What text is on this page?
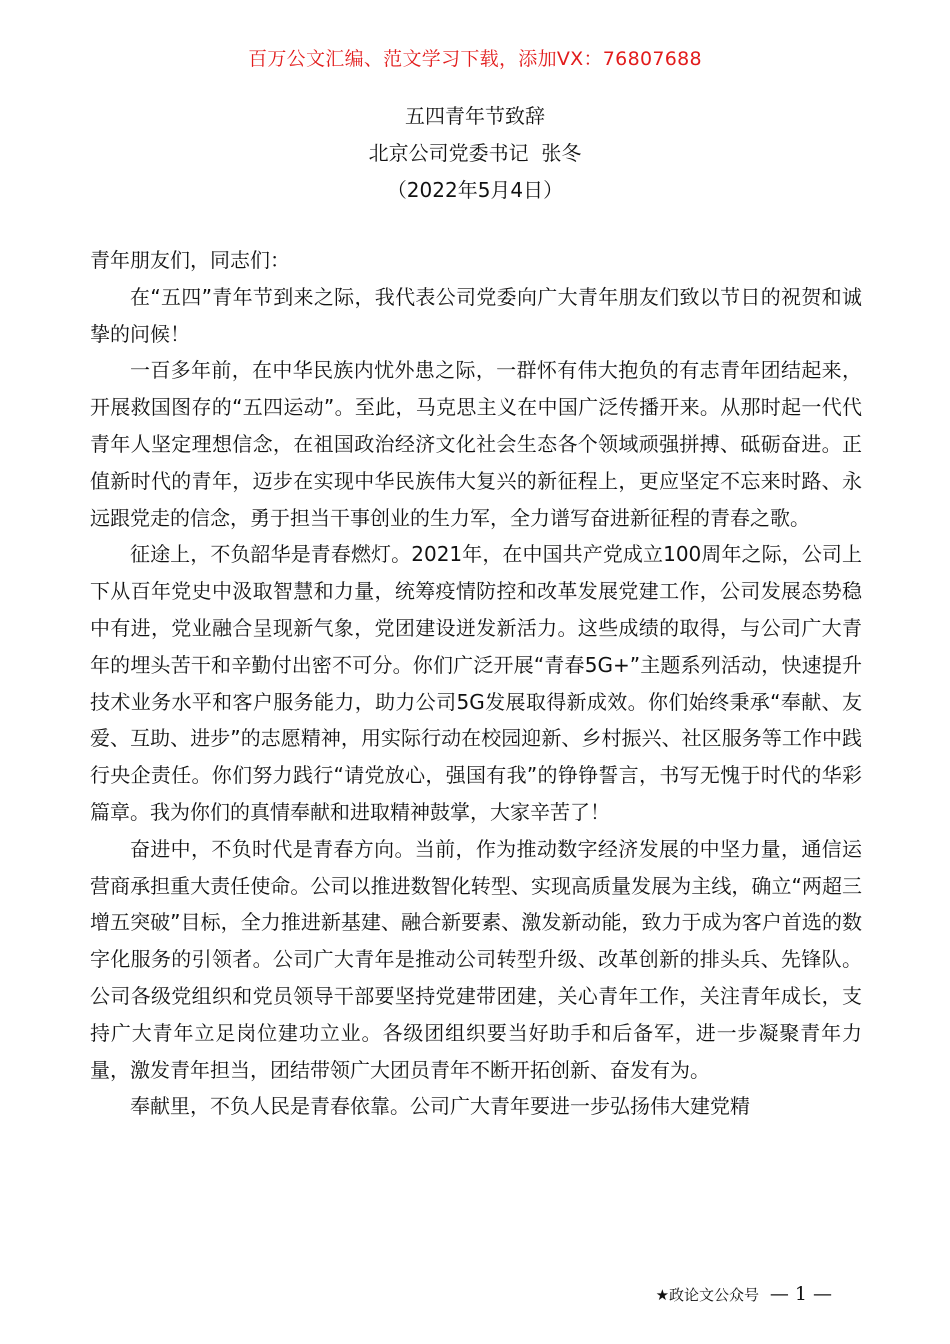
百万公文汇编、范文学习下载，添加VX：76807688
五四青年节致辞
北京公司党委书记  张冬
（2022年5月4日）

青年朋友们，同志们：

在“五四”青年节到来之际，我代表公司党委向广大青年朋友们致以节日的祝贺和诚挚的问候！

一百多年前，在中华民族内忧外患之际，一群怀有伟大抱负的有志青年团结起来，开展救国图存的“五四运动”。至此，马克思主义在中国广泛传播开来。从那时起一代代青年人坚定理想信念，在祖国政治经济文化社会生态各个领域顽强拼搏、砥砺奋进。正值新时代的青年，迈步在实现中华民族伟大复兴的新征程上，更应坚定不忘来时路、永远跟党走的信念，勇于担当干事创业的生力军，全力谱写奋进新征程的青春之歌。

征途上，不负韶华是青春燃灯。2021年，在中国共产党成立100周年之际，公司上下从百年党史中汲取智慧和力量，统筹疫情防控和改革发展党建工作，公司发展态势稳中有进，党业融合呈现新气象，党团建设迸发新活力。这些成绩的取得，与公司广大青年的埋头苦干和辛勤付出密不可分。你们广泛开展“青春5G+”主题系列活动，快速提升技术业务水平和客户服务能力，助力公司5G发展取得新成效。你们始终秉承“奉献、友爱、互助、进步”的志愿精神，用实际行动在校园迎新、乡村振兴、社区服务等工作中践行央企责任。你们努力践行“请党放心，强国有我”的铮铮誓言，书写无愧于时代的华彩篇章。我为你们的真情奉献和进取精神鼓掌，大家辛苦了！

奋进中，不负时代是青春方向。当前，作为推动数字经济发展的中坚力量，通信运营商承担重大责任使命。公司以推进数智化转型、实现高质量发展为主线，确立“两超三增五突破”目标，全力推进新基建、融合新要素、激发新动能，致力于成为客户首选的数字化服务的引领者。公司广大青年是推动公司转型升级、改革创新的排头兵、先锋队。公司各级党组织和党员领导干部要坚持党建带团建，关心青年工作，关注青年成长，支持广大青年立足岗位建功立业。各级团组织要当好助手和后备军，进一步凝聚青年力量，激发青年担当，团结带领广大团员青年不断开拓创新、奋发有为。

奉献里，不负人民是青春依靠。公司广大青年要进一步弘扬伟大建党精

★政论文公众号 — 1 —
